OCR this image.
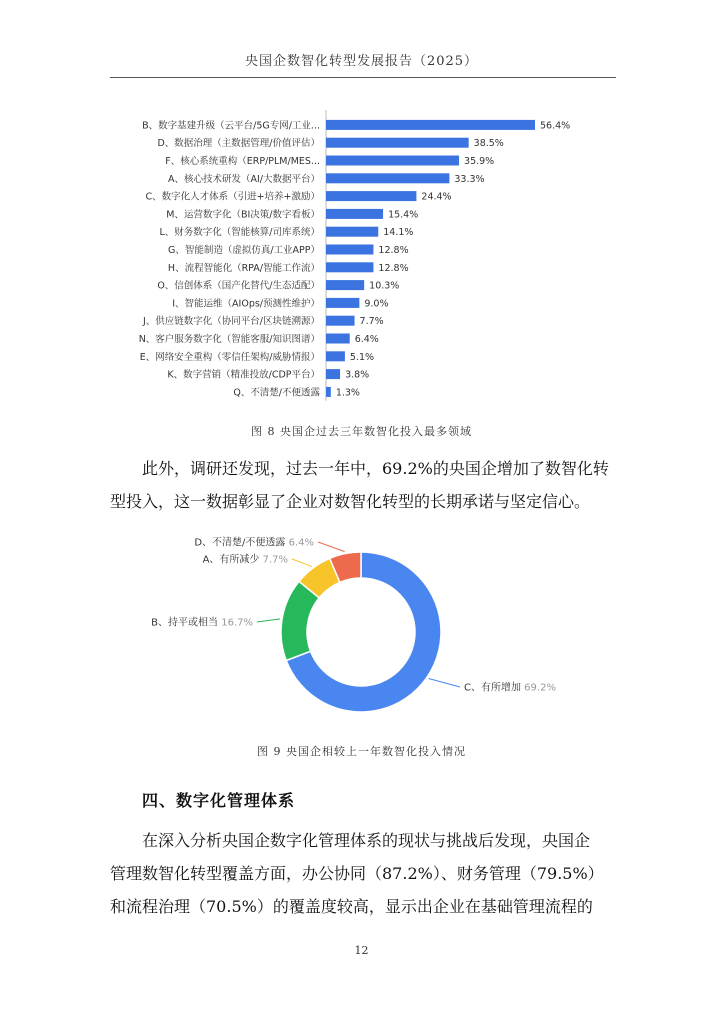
央国企数智化转型发展报告（2025）
B、数字基建升级（云平台/5G专网/工业...	56.4%
D、数据治理（主数据管理/价值评估）	38.5%
F、核心系统重构（ERP/PLM/MES...	35.9%
A、核心技术研发（AI/大数据平台）	33.3%
C、数字化人才体系（引进+培养+激励）	24.4%
M、运营数字化（BI决策/数字看板）	15.4%
L、财务数字化（智能核算/司库系统）	14.1%
G、智能制造（虚拟仿真/工业APP）	12.8%
H、流程智能化（RPA/智能工作流）	12.8%
O、信创体系（国产化替代/生态适配）	10.3%
I、智能运维（AIOps/预测性维护）	9.0%
J、供应链数字化（协同平台/区块链溯源）	7.7%
N、客户服务数字化（智能客服/知识图谱）	6.4%
E、网络安全重构（零信任架构/威胁情报）	5.1%
K、数字营销（精准投放/CDP平台）	3.8%
Q、不清楚/不便透露 1.3%
图 8 央国企过去三年数智化投入最多领域
此外，调研还发现，过去一年中，69.2%的央国企增加了数智化转
型投入，这一数据彰显了企业对数智化转型的长期承诺与坚定信心。
C、有所增加 69.2%
B、持平或相当 16.7%
A、有所减少 7.7%
D、不清楚/不便透露 6.4%
图 9 央国企相较上一年数智化投入情况
四、数字化管理体系
在深入分析央国企数字化管理体系的现状与挑战后发现，央国企
管理数智化转型覆盖方面，办公协同（87.2%）、财务管理（79.5%）
和流程治理（70.5%）的覆盖度较高，显示出企业在基础管理流程的
12
